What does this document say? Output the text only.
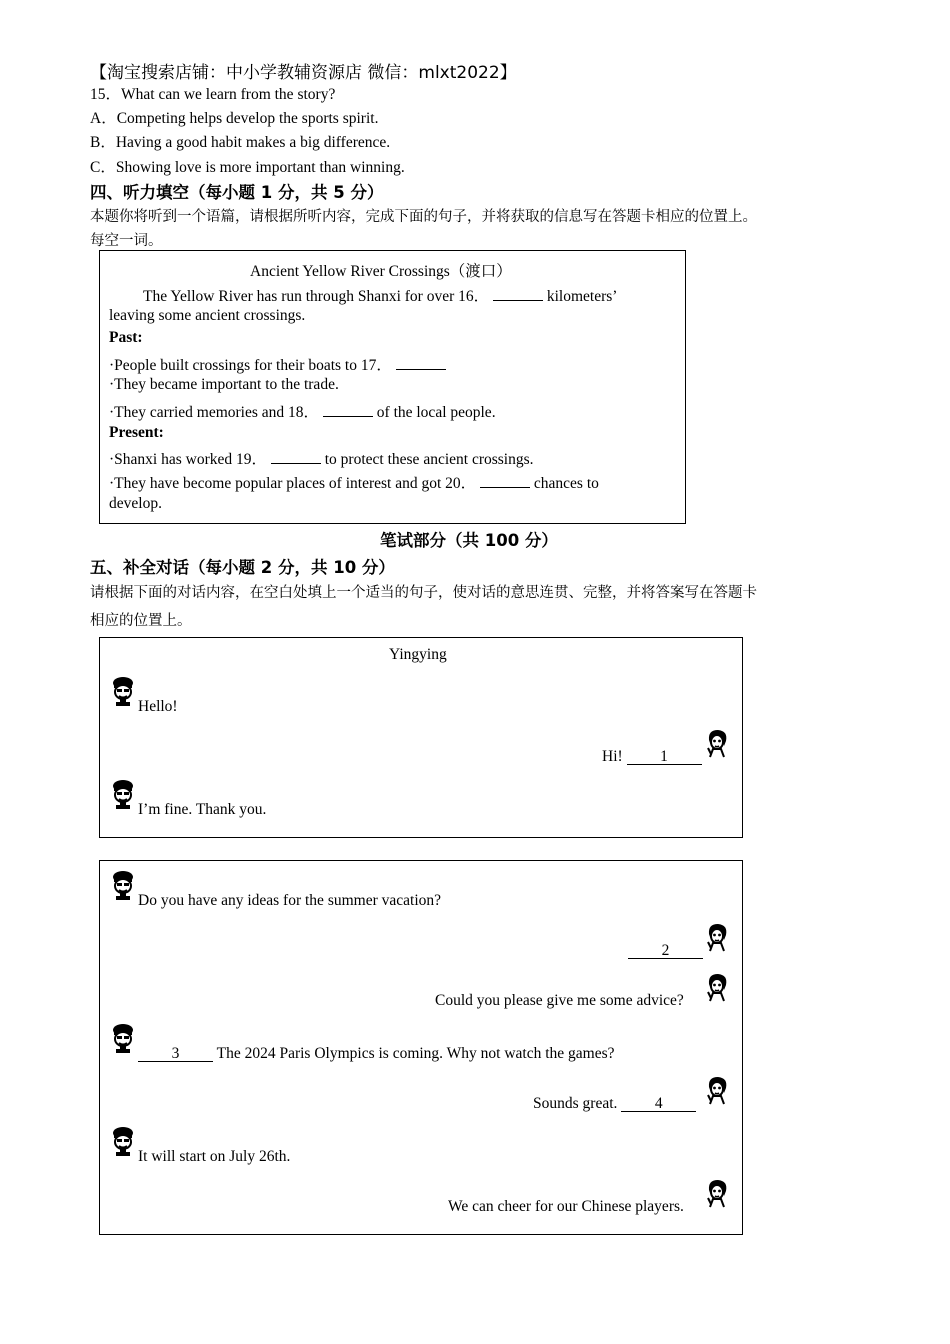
【淘宝搜索店铺：中小学教辅资源店 微信：mlxt2022】
15．What can we learn from the story?
A．Competing helps develop the sports spirit.
B．Having a good habit makes a big difference.
C．Showing love is more important than winning.
四、听力填空（每小题 1 分，共 5 分）
本题你将听到一个语篇，请根据所听内容，完成下面的句子，并将获取的信息写在答题卡相应的位置上。
每空一词。
Ancient Yellow River Crossings（渡口）
The Yellow River has run through Shanxi for over 16．	kilometers’
leaving some ancient crossings.
Past:
·People built crossings for their boats to 17．
·They became important to the trade.
·They carried memories and 18．	of the local people.
Present:
·Shanxi has worked 19．	to protect these ancient crossings.
·They have become popular places of interest and got 20．	chances to
develop.
笔试部分（共 100 分）
五、补全对话（每小题 2 分，共 10 分）
请根据下面的对话内容，在空白处填上一个适当的句子，使对话的意思连贯、完整，并将答案写在答题卡
相应的位置上。
Yingying
Hello!
Hi! 1
I’m fine. Thank you.
Do you have any ideas for the summer vacation?
2
Could you please give me some advice?
3 The 2024 Paris Olympics is coming. Why not watch the games?
Sounds great. 4
It will start on July 26th.
We can cheer for our Chinese players.
